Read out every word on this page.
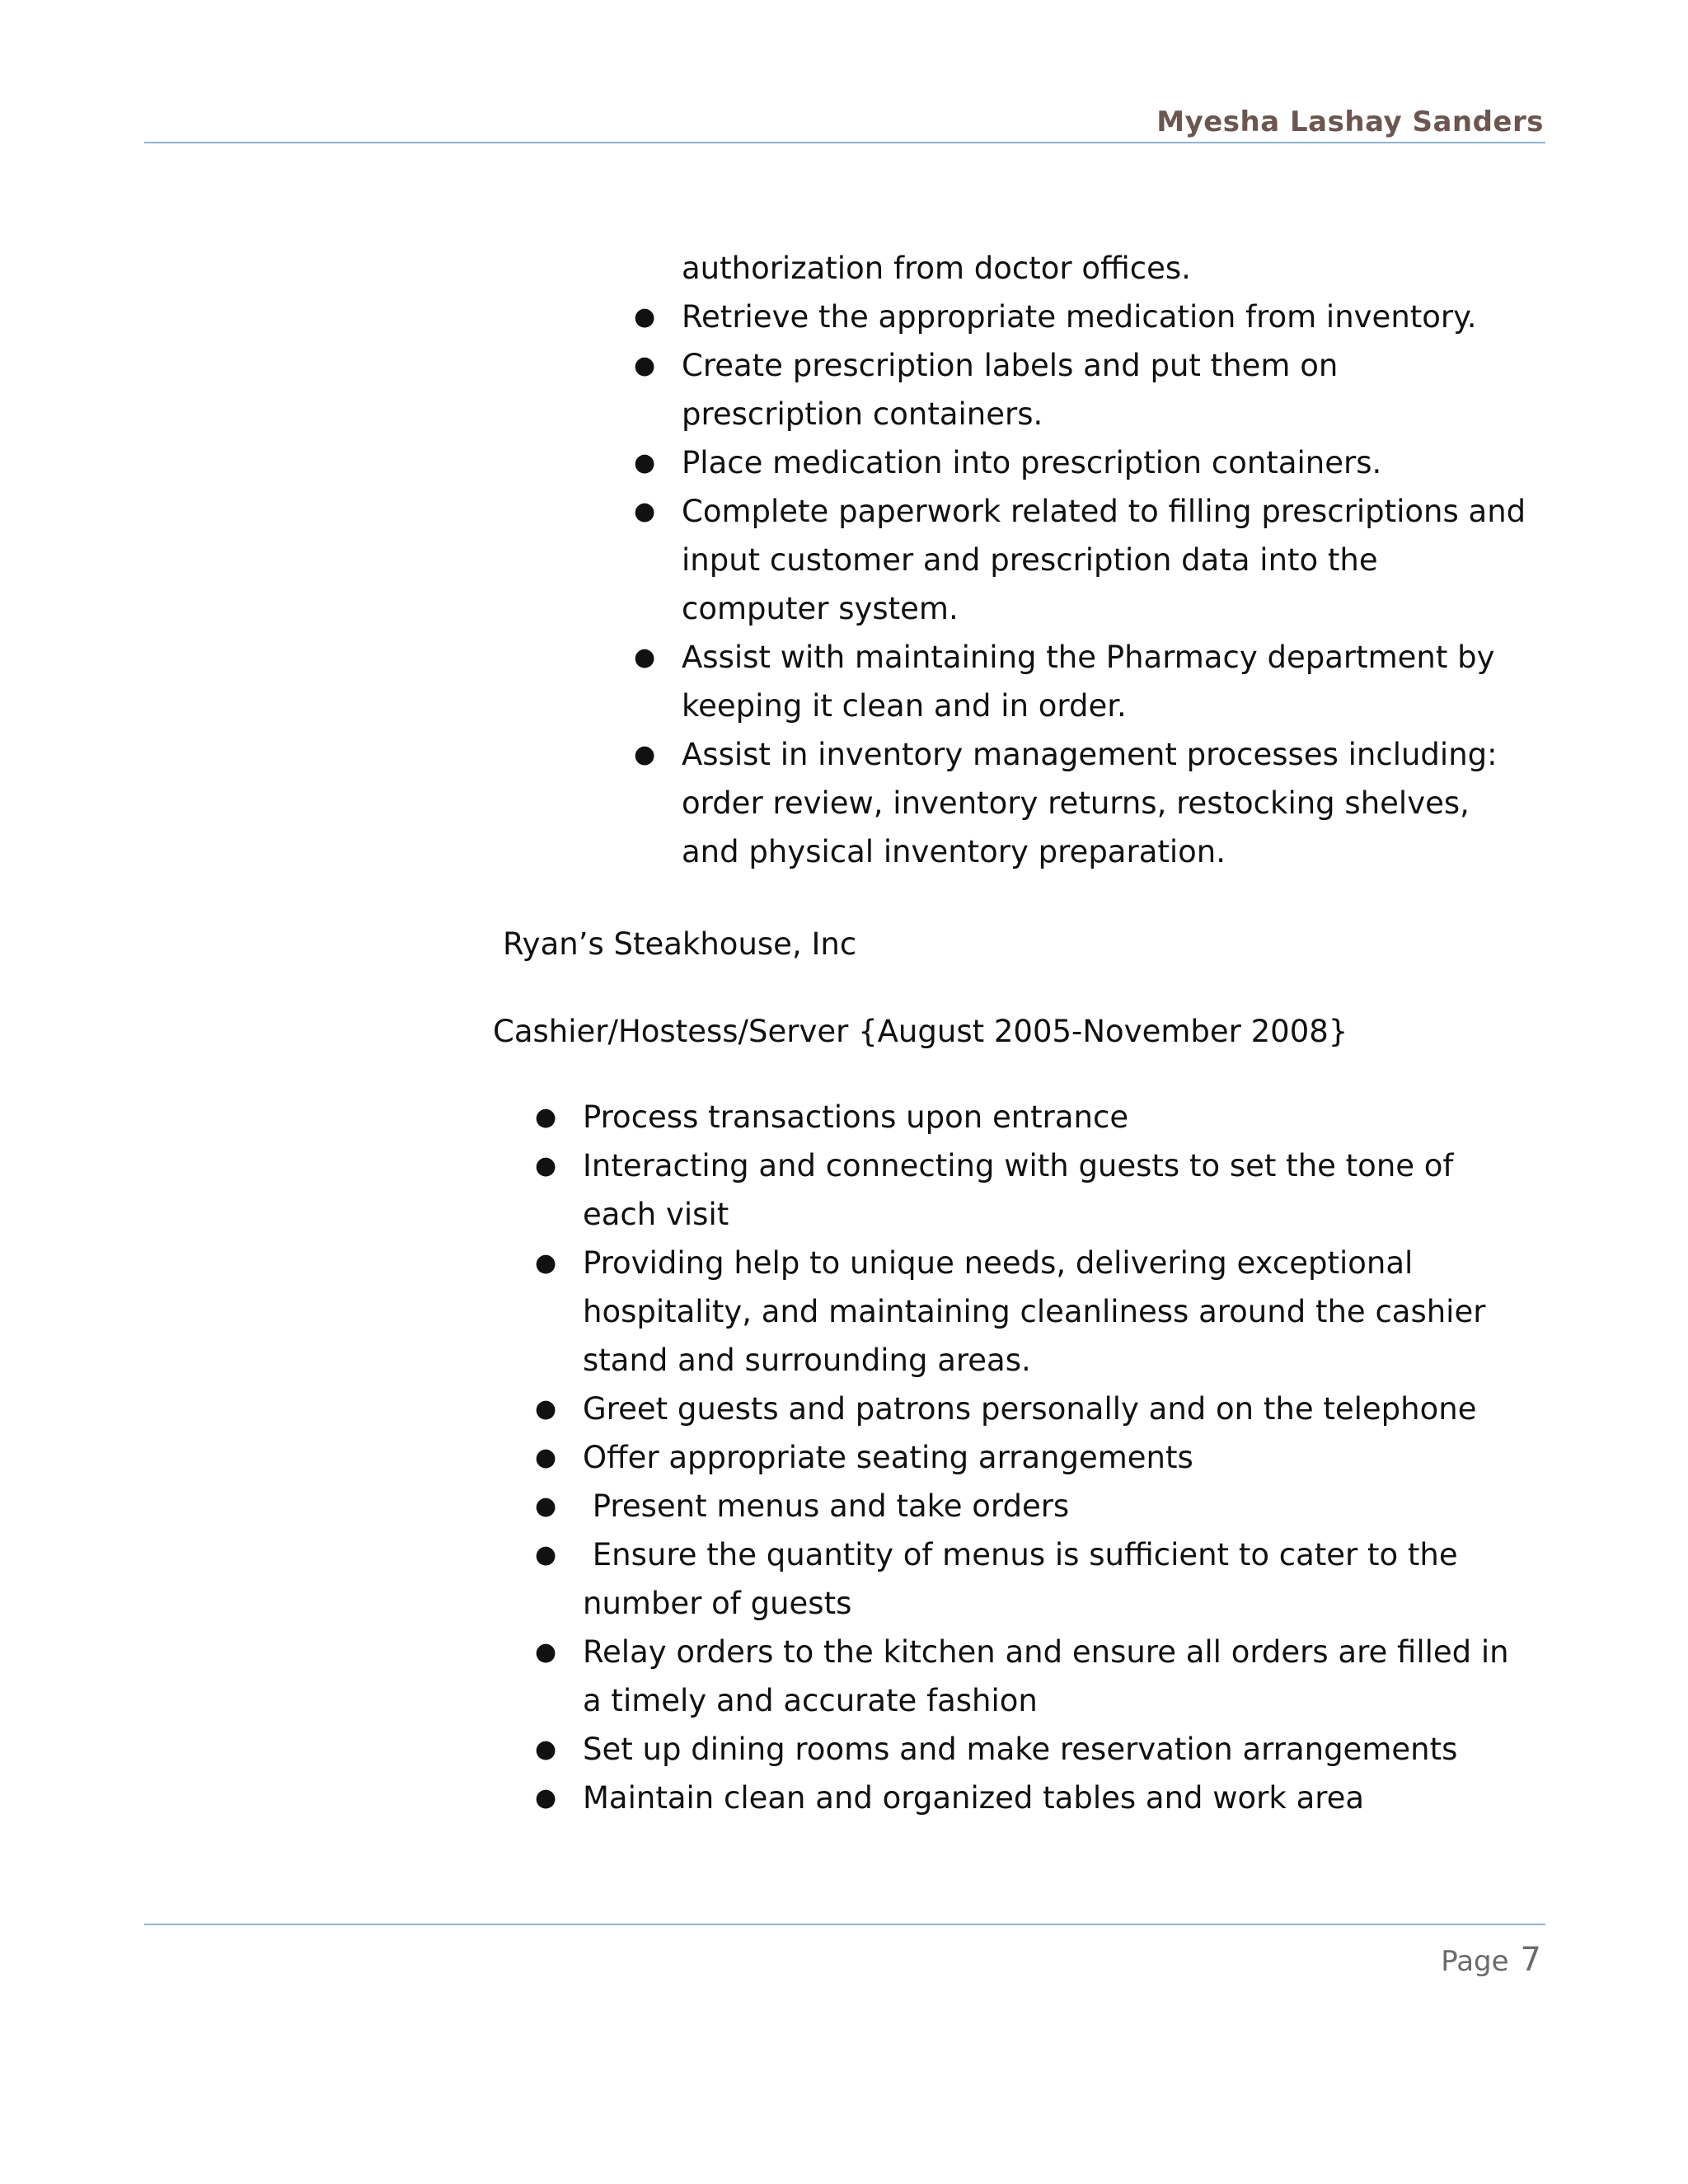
Myesha Lashay Sanders
authorization from doctor offices.
● Retrieve the appropriate medication from inventory.
● Create prescription labels and put them on
prescription containers.
● Place medication into prescription containers.
● Complete paperwork related to filling prescriptions and
input customer and prescription data into the
computer system.
● Assist with maintaining the Pharmacy department by
keeping it clean and in order.
● Assist in inventory management processes including:
order review, inventory returns, restocking shelves,
and physical inventory preparation.
Ryan’s Steakhouse, Inc
Cashier/Hostess/Server {August 2005-November 2008}
● Process transactions upon entrance
● Interacting and connecting with guests to set the tone of
each visit
● Providing help to unique needs, delivering exceptional
hospitality, and maintaining cleanliness around the cashier
stand and surrounding areas.
● Greet guests and patrons personally and on the telephone
● Offer appropriate seating arrangements
● Present menus and take orders
● Ensure the quantity of menus is sufficient to cater to the
number of guests
● Relay orders to the kitchen and ensure all orders are filled in
a timely and accurate fashion
● Set up dining rooms and make reservation arrangements
● Maintain clean and organized tables and work area
Page 7
